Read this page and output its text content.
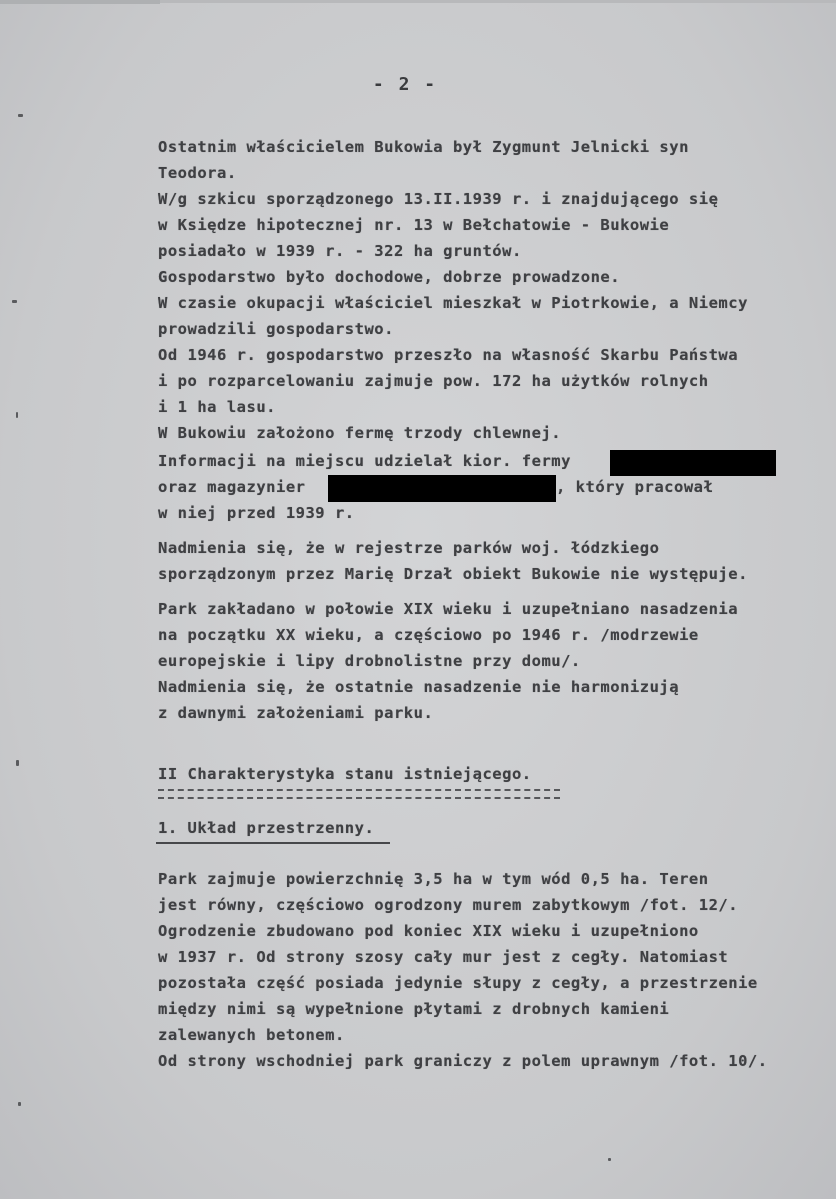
- 2 -
Ostatnim właścicielem Bukowia był Zygmunt Jelnicki syn
Teodora.
W/g szkicu sporządzonego 13.II.1939 r. i znajdującego się
w Księdze hipotecznej nr. 13 w Bełchatowie - Bukowie
posiadało w 1939 r. - 322 ha gruntów.
Gospodarstwo było dochodowe, dobrze prowadzone.
W czasie okupacji właściciel mieszkał w Piotrkowie, a Niemcy
prowadzili gospodarstwo.
Od 1946 r. gospodarstwo przeszło na własność Skarbu Państwa
i po rozparcelowaniu zajmuje pow. 172 ha użytków rolnych
i 1 ha lasu.
W Bukowiu założono fermę trzody chlewnej.
Informacji na miejscu udzielał kior. fermy
oraz magazynier	, który pracował
w niej przed 1939 r.
Nadmienia się, że w rejestrze parków woj. łódzkiego
sporządzonym przez Marię Drzał obiekt Bukowie nie występuje.
Park zakładano w połowie XIX wieku i uzupełniano nasadzenia
na początku XX wieku, a częściowo po 1946 r. /modrzewie
europejskie i lipy drobnolistne przy domu/.
Nadmienia się, że ostatnie nasadzenie nie harmonizują
z dawnymi założeniami parku.
II Charakterystyka stanu istniejącego.
1. Układ przestrzenny.
Park zajmuje powierzchnię 3,5 ha w tym wód 0,5 ha. Teren
jest równy, częściowo ogrodzony murem zabytkowym /fot. 12/.
Ogrodzenie zbudowano pod koniec XIX wieku i uzupełniono
w 1937 r. Od strony szosy cały mur jest z cegły. Natomiast
pozostała część posiada jedynie słupy z cegły, a przestrzenie
między nimi są wypełnione płytami z drobnych kamieni
zalewanych betonem.
Od strony wschodniej park graniczy z polem uprawnym /fot. 10/.
